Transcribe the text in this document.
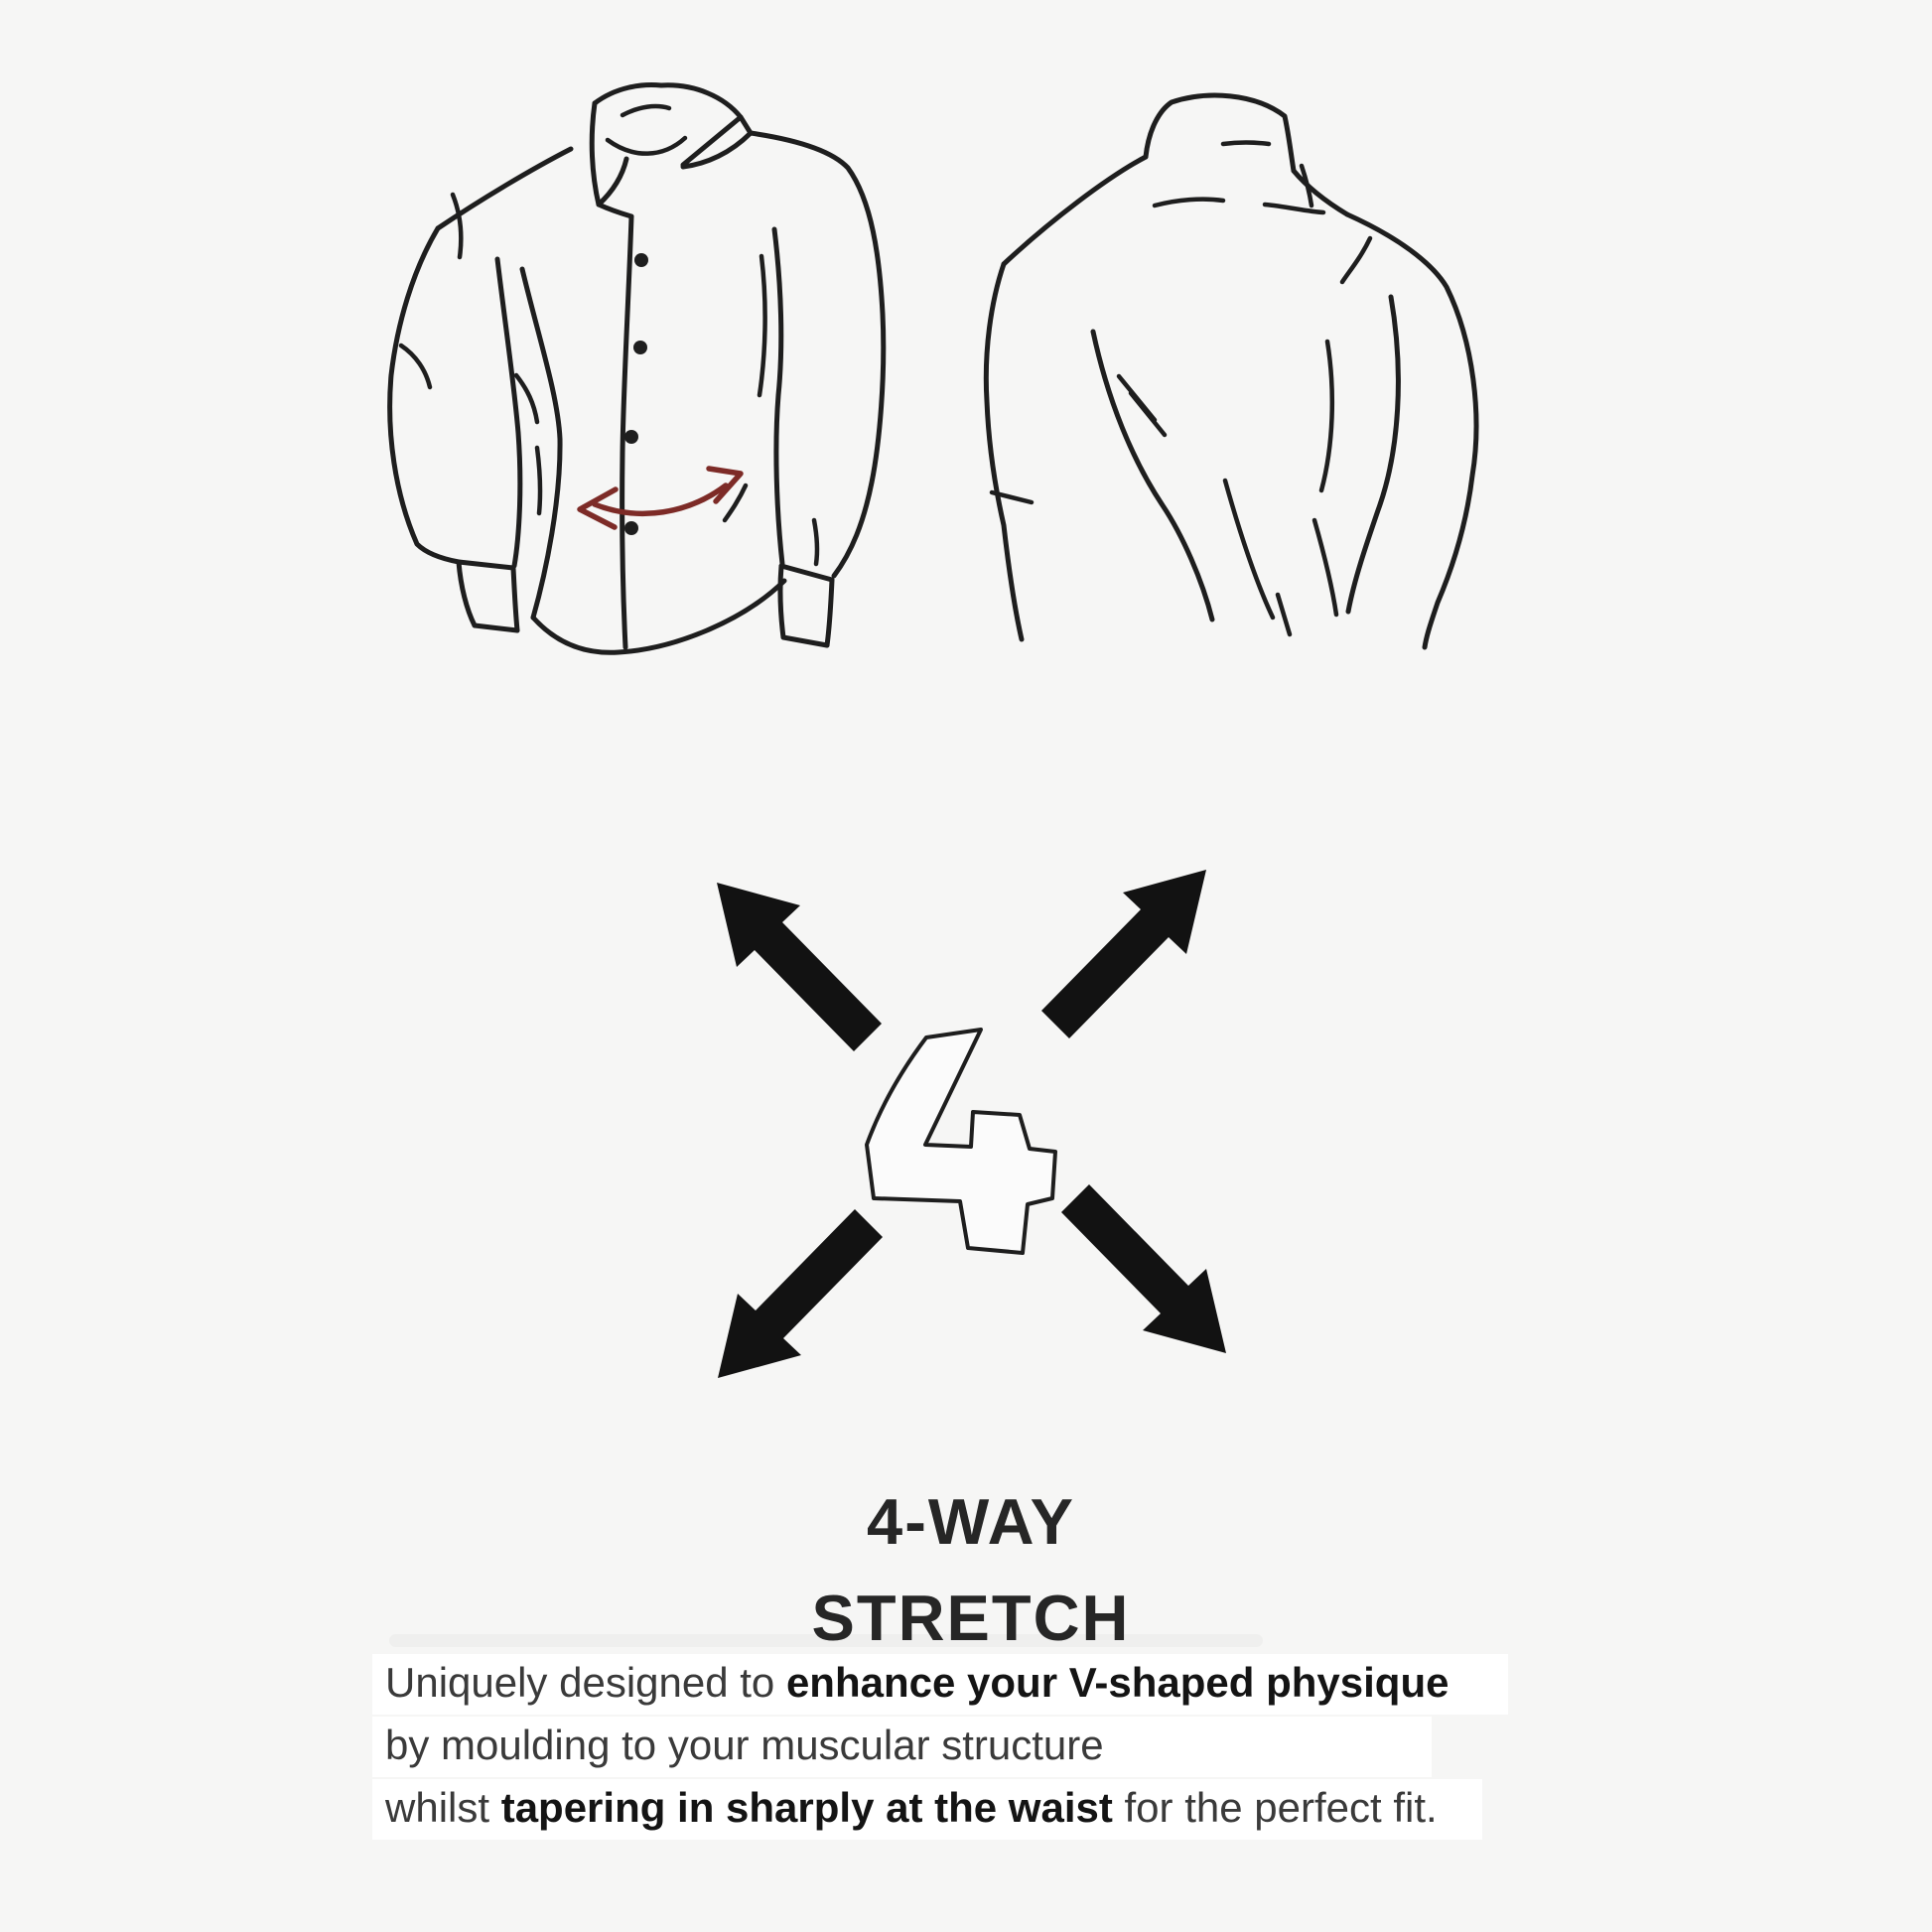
4-WAY
STRETCH

Uniquely designed to enhance your V-shaped physique

by moulding to your muscular structure

whilst tapering in sharply at the waist for the perfect fit.
